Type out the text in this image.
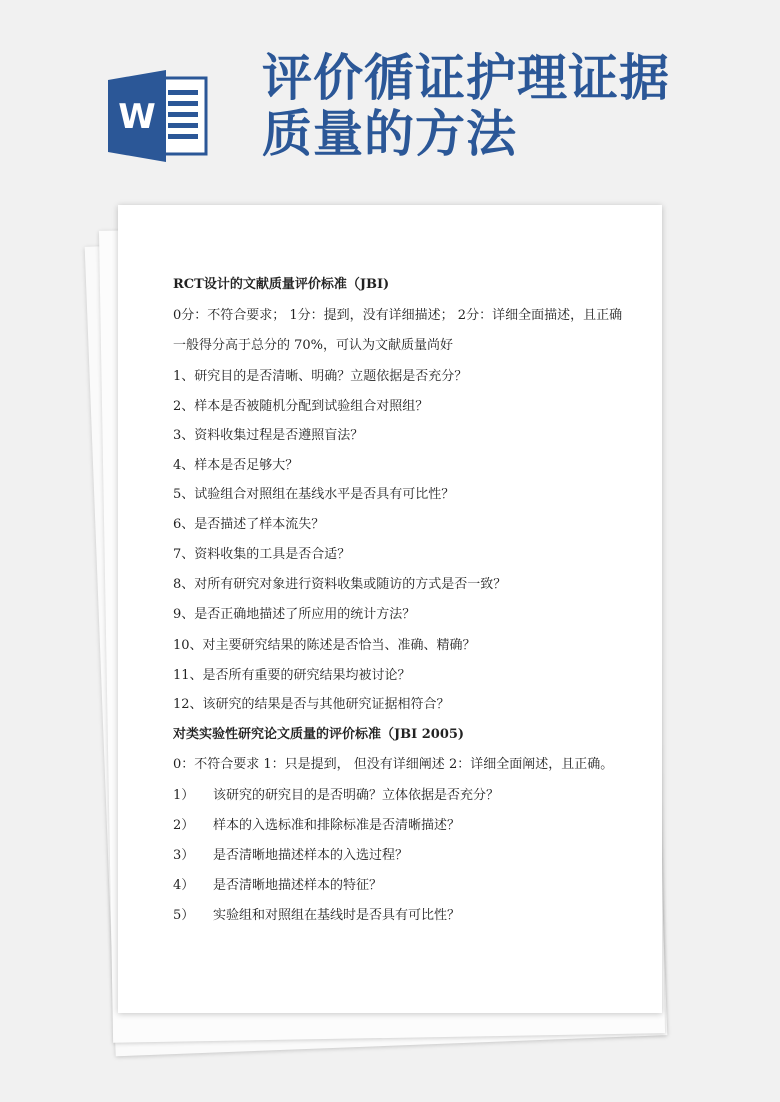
W
评价循证护理证据
质量的方法
RCT设计的文献质量评价标准（JBI)
0分：不符合要求； 1分：提到，没有详细描述； 2分：详细全面描述，且正确
一般得分高于总分的 70%，可认为文献质量尚好
1、研究目的是否清晰、明确？立题依据是否充分？
2、样本是否被随机分配到试验组合对照组？
3、资料收集过程是否遵照盲法？
4、样本是否足够大？
5、试验组合对照组在基线水平是否具有可比性？
6、是否描述了样本流失？
7、资料收集的工具是否合适？
8、对所有研究对象进行资料收集或随访的方式是否一致？
9、是否正确地描述了所应用的统计方法？
10、对主要研究结果的陈述是否恰当、准确、精确？
11、是否所有重要的研究结果均被讨论？
12、该研究的结果是否与其他研究证据相符合？
对类实验性研究论文质量的评价标准（JBI 2005)
0：不符合要求 1：只是提到， 但没有详细阐述 2：详细全面阐述，且正确。
1） 该研究的研究目的是否明确？立体依据是否充分？
2） 样本的入选标准和排除标准是否清晰描述？
3） 是否清晰地描述样本的入选过程？
4） 是否清晰地描述样本的特征？
5） 实验组和对照组在基线时是否具有可比性？
